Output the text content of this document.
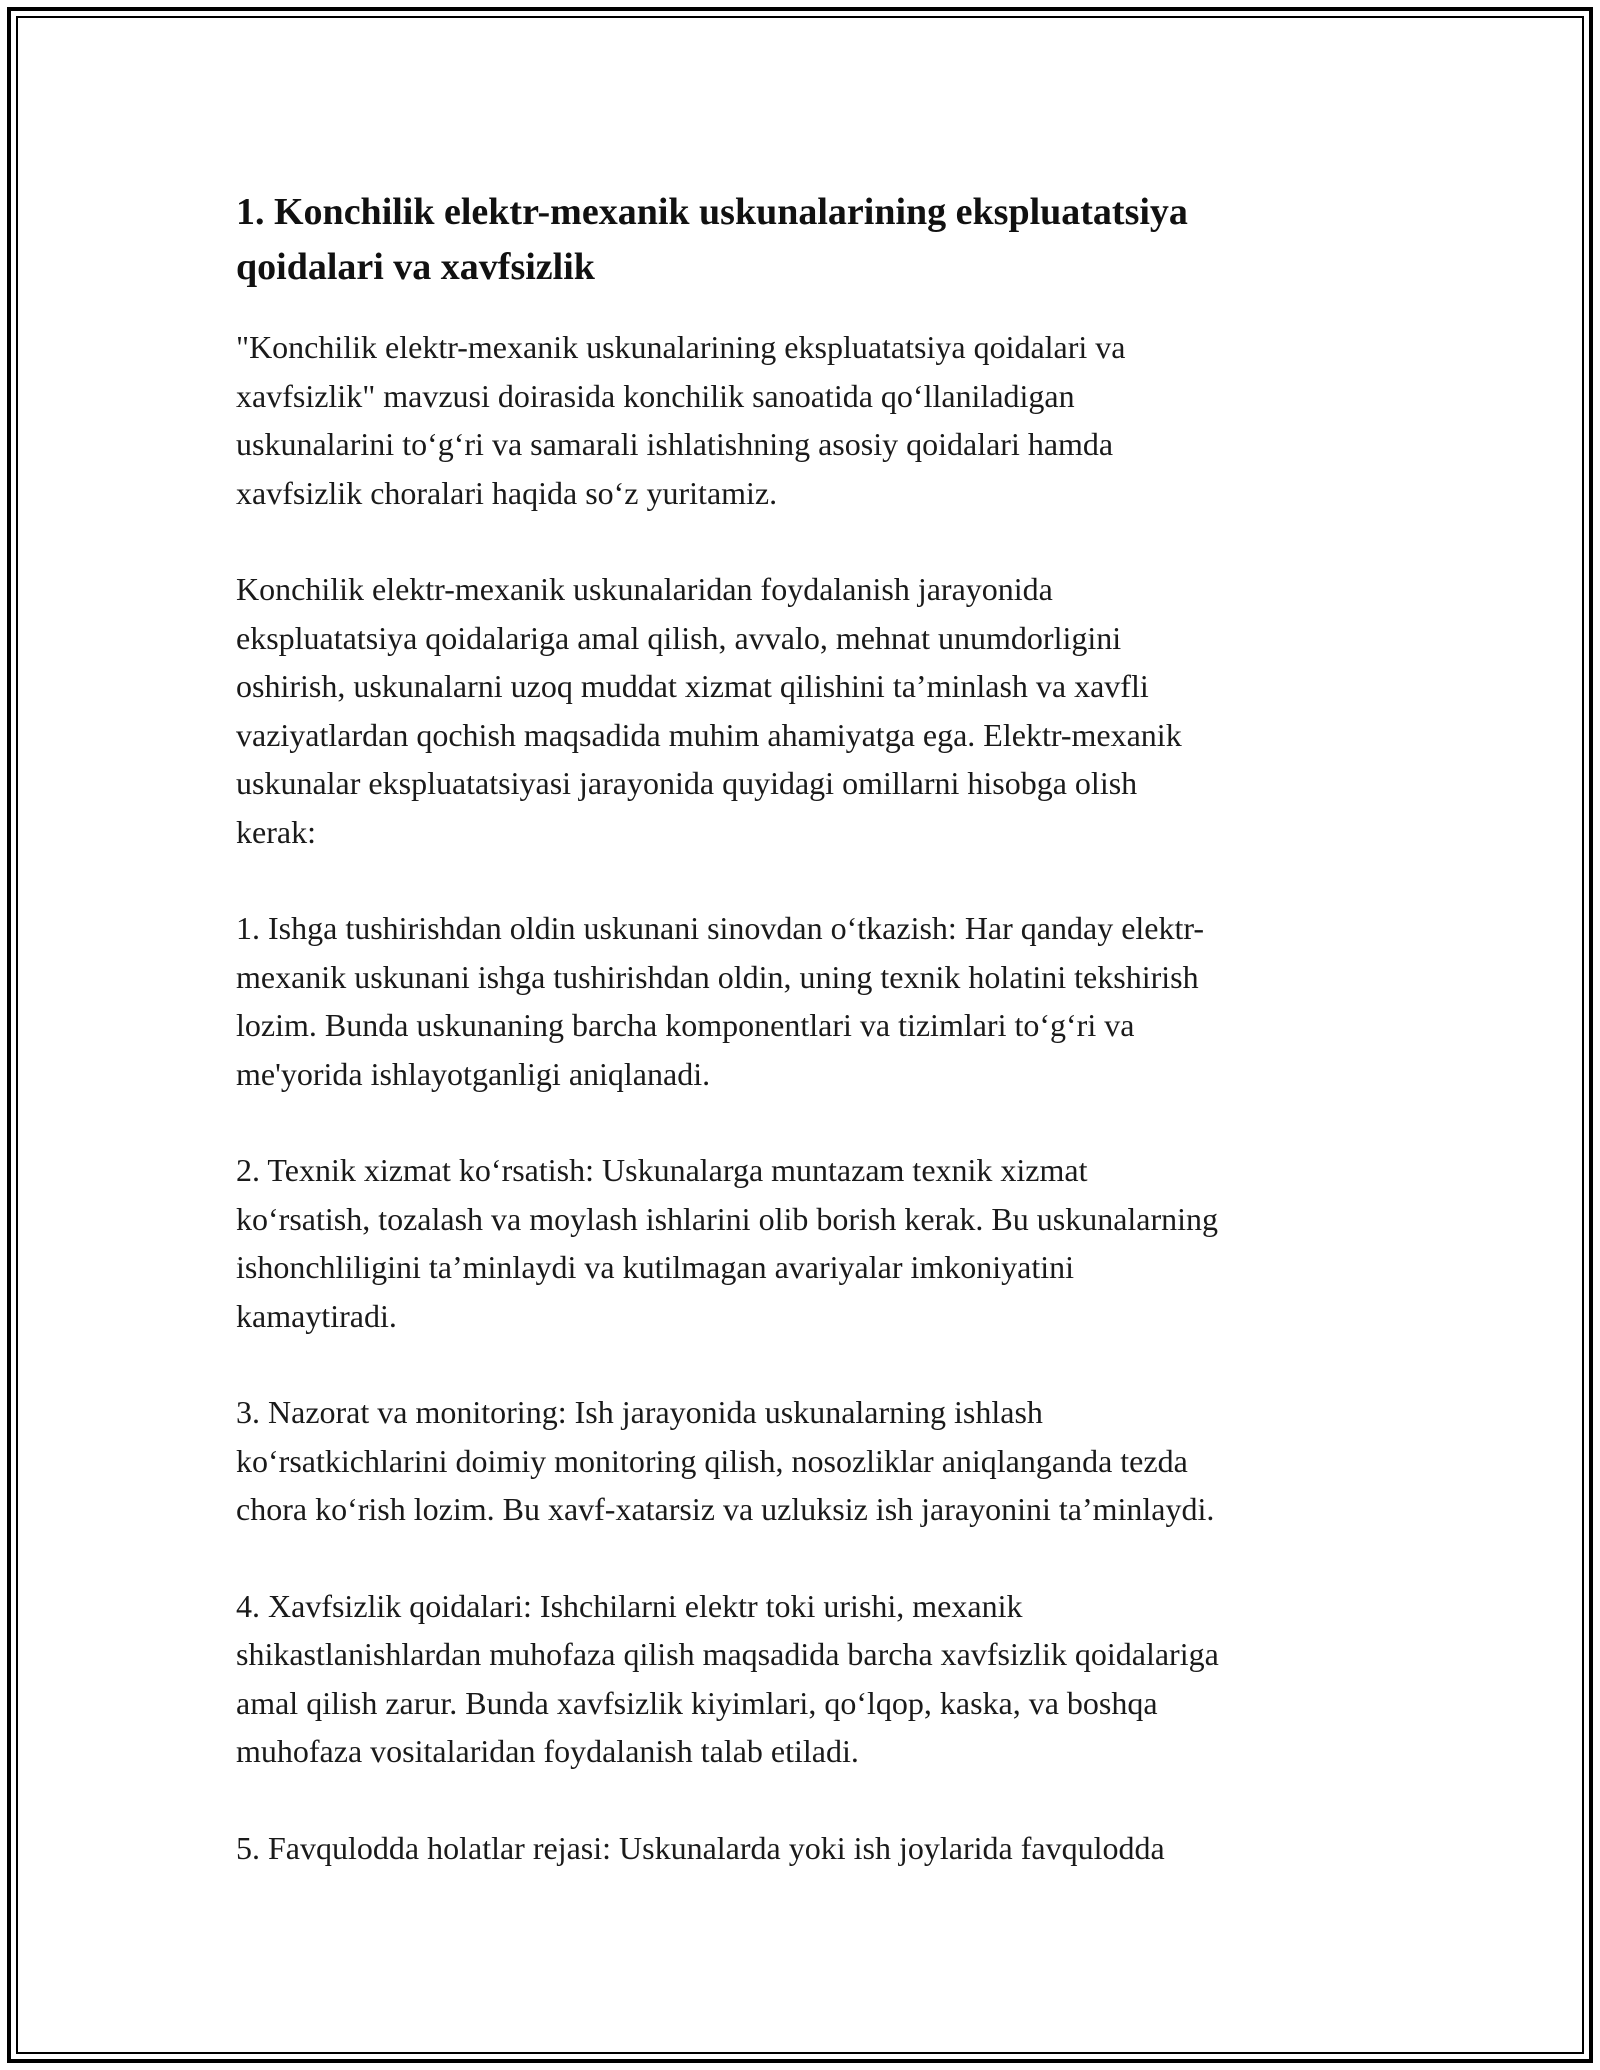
1. Konchilik elektr-mexanik uskunalarining ekspluatatsiya
qoidalari va xavfsizlik

"Konchilik elektr-mexanik uskunalarining ekspluatatsiya qoidalari va
xavfsizlik" mavzusi doirasida konchilik sanoatida qo‘llaniladigan
uskunalarini to‘g‘ri va samarali ishlatishning asosiy qoidalari hamda
xavfsizlik choralari haqida so‘z yuritamiz.

Konchilik elektr-mexanik uskunalaridan foydalanish jarayonida
ekspluatatsiya qoidalariga amal qilish, avvalo, mehnat unumdorligini
oshirish, uskunalarni uzoq muddat xizmat qilishini ta’minlash va xavfli
vaziyatlardan qochish maqsadida muhim ahamiyatga ega. Elektr-mexanik
uskunalar ekspluatatsiyasi jarayonida quyidagi omillarni hisobga olish
kerak:

1. Ishga tushirishdan oldin uskunani sinovdan o‘tkazish: Har qanday elektr-
mexanik uskunani ishga tushirishdan oldin, uning texnik holatini tekshirish
lozim. Bunda uskunaning barcha komponentlari va tizimlari to‘g‘ri va
me'yorida ishlayotganligi aniqlanadi.

2. Texnik xizmat ko‘rsatish: Uskunalarga muntazam texnik xizmat
ko‘rsatish, tozalash va moylash ishlarini olib borish kerak. Bu uskunalarning
ishonchliligini ta’minlaydi va kutilmagan avariyalar imkoniyatini
kamaytiradi.

3. Nazorat va monitoring: Ish jarayonida uskunalarning ishlash
ko‘rsatkichlarini doimiy monitoring qilish, nosozliklar aniqlanganda tezda
chora ko‘rish lozim. Bu xavf-xatarsiz va uzluksiz ish jarayonini ta’minlaydi.

4. Xavfsizlik qoidalari: Ishchilarni elektr toki urishi, mexanik
shikastlanishlardan muhofaza qilish maqsadida barcha xavfsizlik qoidalariga
amal qilish zarur. Bunda xavfsizlik kiyimlari, qo‘lqop, kaska, va boshqa
muhofaza vositalaridan foydalanish talab etiladi.

5. Favqulodda holatlar rejasi: Uskunalarda yoki ish joylarida favqulodda
